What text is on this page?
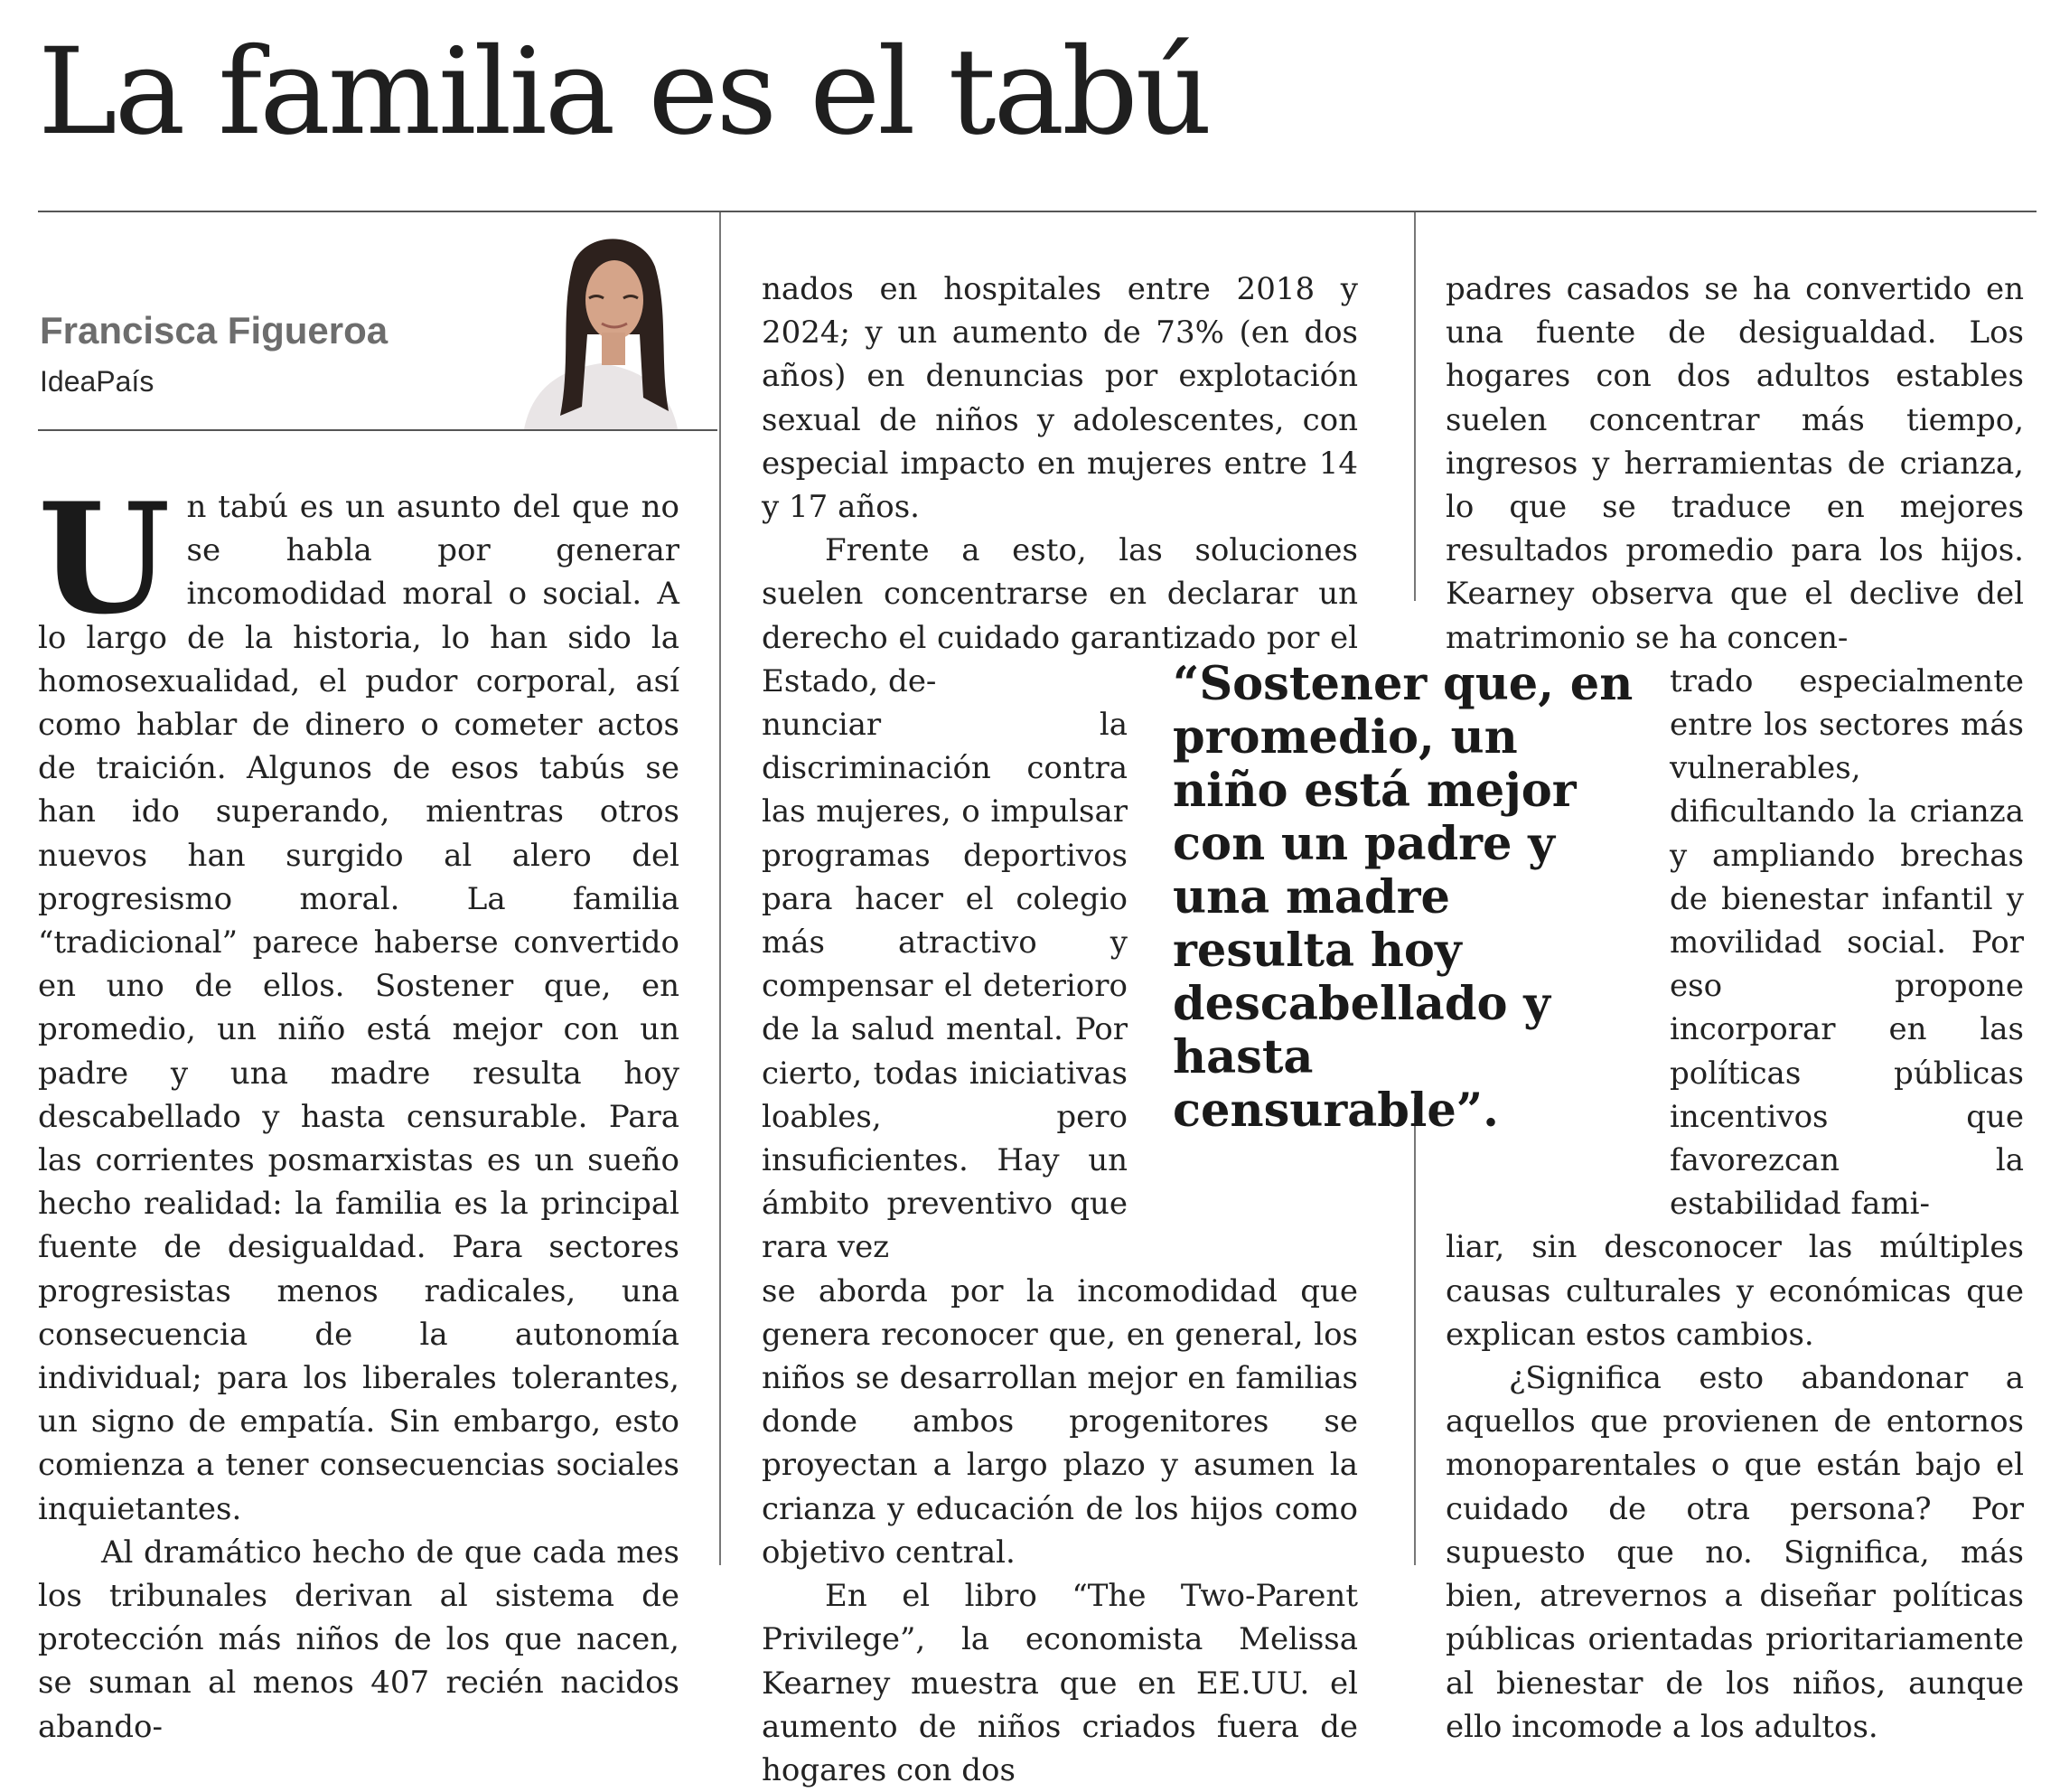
La familia es el tabú
Francisca Figueroa
IdeaPaís

Un tabú es un asunto del que no se habla por generar incomodidad moral o social. A lo largo de la historia, lo han sido la homosexualidad, el pudor corporal, así como hablar de dinero o cometer actos de traición. Algunos de esos tabús se han ido superando, mientras otros nuevos han surgido al alero del progresismo moral. La familia “tradicional” parece haberse convertido en uno de ellos. Sostener que, en promedio, un niño está mejor con un padre y una madre resulta hoy descabellado y hasta censurable. Para las corrientes posmarxistas es un sueño hecho realidad: la familia es la principal fuente de desigualdad. Para sectores progresistas menos radicales, una consecuencia de la autonomía individual; para los liberales tolerantes, un signo de empatía. Sin embargo, esto comienza a tener consecuencias sociales inquietantes.

Al dramático hecho de que cada mes los tribunales derivan al sistema de protección más niños de los que nacen, se suman al menos 407 recién nacidos abando-

nados en hospitales entre 2018 y 2024; y un aumento de 73% (en dos años) en denuncias por explotación sexual de niños y adolescentes, con especial impacto en mujeres entre 14 y 17 años.

Frente a esto, las soluciones suelen concentrarse en declarar un derecho el cuidado garantizado por el Estado, de-

nunciar la discriminación contra las mujeres, o impulsar programas deportivos para hacer el colegio más atractivo y compensar el deterioro de la salud mental. Por cierto, todas iniciativas loables, pero insuficientes. Hay un ámbito preventivo que rara vez

se aborda por la incomodidad que genera reconocer que, en general, los niños se desarrollan mejor en familias donde ambos progenitores se proyectan a largo plazo y asumen la crianza y educación de los hijos como objetivo central.

En el libro “The Two-Parent Privilege”, la economista Melissa Kearney muestra que en EE.UU. el aumento de niños criados fuera de hogares con dos

padres casados se ha convertido en una fuente de desigualdad. Los hogares con dos adultos estables suelen concentrar más tiempo, ingresos y herramientas de crianza, lo que se traduce en mejores resultados promedio para los hijos. Kearney observa que el declive del matrimonio se ha concen-

trado especialmente entre los sectores más vulnerables, dificultando la crianza y ampliando brechas de bienestar infantil y movilidad social. Por eso propone incorporar en las políticas públicas incentivos que favorezcan la estabilidad fami-

liar, sin desconocer las múltiples causas culturales y económicas que explican estos cambios.

¿Significa esto abandonar a aquellos que provienen de entornos monoparentales o que están bajo el cuidado de otra persona? Por supuesto que no. Significa, más bien, atrevernos a diseñar políticas públicas orientadas prioritariamente al bienestar de los niños, aunque ello incomode a los adultos.

“Sostener que, en promedio, un niño está mejor con un padre y una madre resulta hoy descabellado y hasta censurable”.
